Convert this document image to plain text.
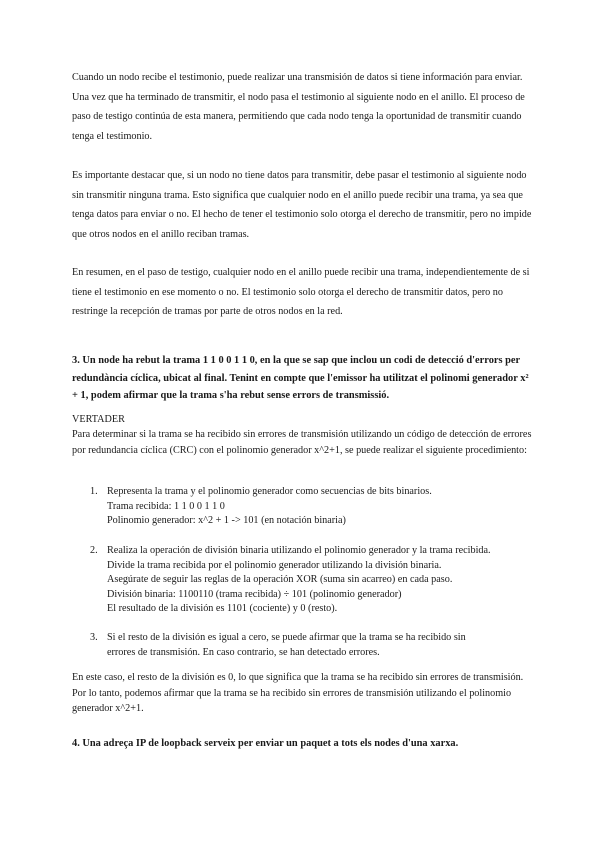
Cuando un nodo recibe el testimonio, puede realizar una transmisión de datos si tiene información para enviar. Una vez que ha terminado de transmitir, el nodo pasa el testimonio al siguiente nodo en el anillo. El proceso de paso de testigo continúa de esta manera, permitiendo que cada nodo tenga la oportunidad de transmitir cuando tenga el testimonio.

Es importante destacar que, si un nodo no tiene datos para transmitir, debe pasar el testimonio al siguiente nodo sin transmitir ninguna trama. Esto significa que cualquier nodo en el anillo puede recibir una trama, ya sea que tenga datos para enviar o no. El hecho de tener el testimonio solo otorga el derecho de transmitir, pero no impide que otros nodos en el anillo reciban tramas.

En resumen, en el paso de testigo, cualquier nodo en el anillo puede recibir una trama, independientemente de si tiene el testimonio en ese momento o no. El testimonio solo otorga el derecho de transmitir datos, pero no restringe la recepción de tramas por parte de otros nodos en la red.

3. Un node ha rebut la trama 1 1 0 0 1 1 0, en la que se sap que inclou un codi de detecció d'errors per redundància cíclica, ubicat al final. Tenint en compte que l'emissor ha utilitzat el polinomi generador x² + 1, podem afirmar que la trama s'ha rebut sense errors de transmissió.

VERTADER

Para determinar si la trama se ha recibido sin errores de transmisión utilizando un código de detección de errores por redundancia cíclica (CRC) con el polinomio generador x^2+1, se puede realizar el siguiente procedimiento:

1. Representa la trama y el polinomio generador como secuencias de bits binarios.
Trama recibida: 1 1 0 0 1 1 0
Polinomio generador: x^2 + 1 -> 101 (en notación binaria)
2. Realiza la operación de división binaria utilizando el polinomio generador y la trama recibida.
Divide la trama recibida por el polinomio generador utilizando la división binaria.
Asegúrate de seguir las reglas de la operación XOR (suma sin acarreo) en cada paso.
División binaria: 1100110 (trama recibida) ÷ 101 (polinomio generador)
El resultado de la división es 1101 (cociente) y 0 (resto).
3. Si el resto de la división es igual a cero, se puede afirmar que la trama se ha recibido sin
errores de transmisión. En caso contrario, se han detectado errores.

En este caso, el resto de la división es 0, lo que significa que la trama se ha recibido sin errores de transmisión. Por lo tanto, podemos afirmar que la trama se ha recibido sin errores de transmisión utilizando el polinomio generador x^2+1.

4. Una adreça IP de loopback serveix per enviar un paquet a tots els nodes d'una xarxa.
